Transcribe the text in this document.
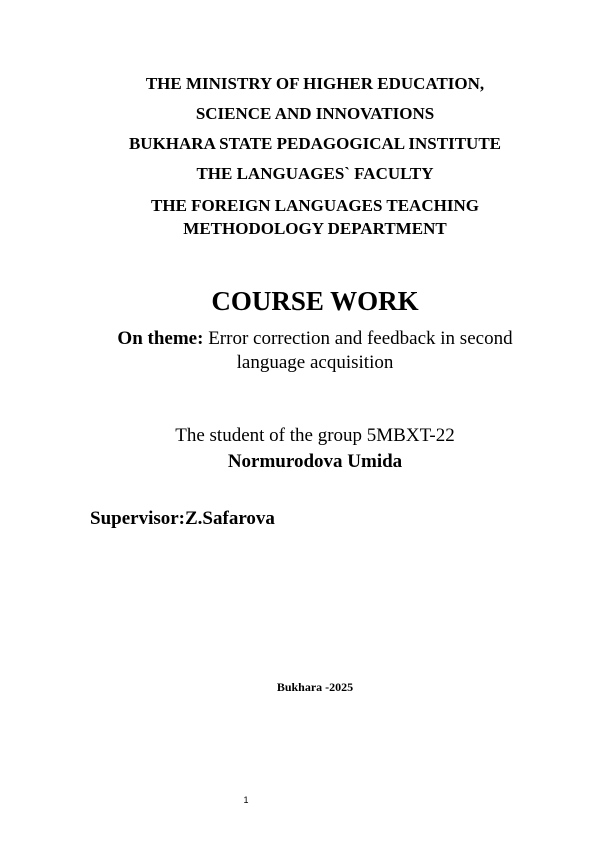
THE MINISTRY OF HIGHER EDUCATION,
SCIENCE AND INNOVATIONS
BUKHARA STATE PEDAGOGICAL INSTITUTE
THE LANGUAGES` FACULTY
THE FOREIGN LANGUAGES TEACHING METHODOLOGY DEPARTMENT
COURSE WORK
On theme: Error correction and feedback in second language acquisition
The student of the group 5MBXT-22
Normurodova Umida
Supervisor:Z.Safarova
Bukhara -2025
1
